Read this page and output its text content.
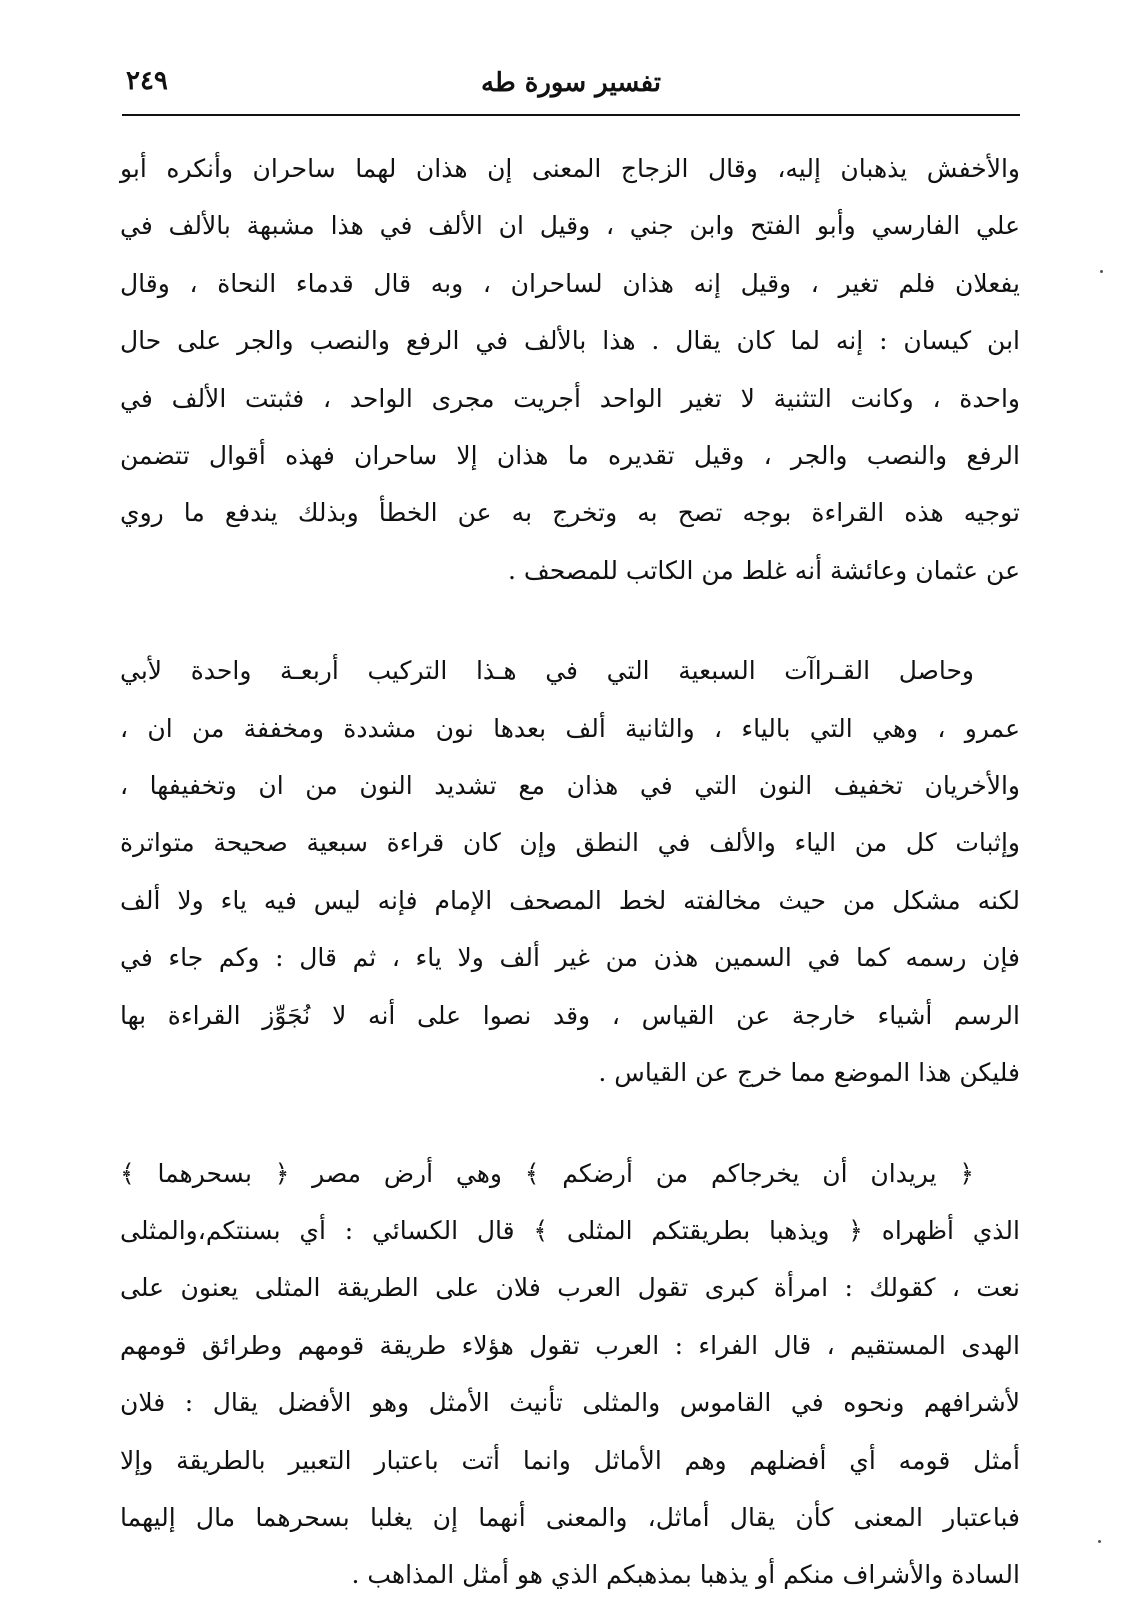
تفسير سورة طه
٢٤٩
والأخفش يذهبان إليه، وقال الزجاج المعنى إن هذان لهما ساحران وأنكره أبو
علي الفارسي وأبو الفتح وابن جني ، وقيل ان الألف في هذا مشبهة بالألف في
يفعلان فلم تغير ، وقيل إنه هذان لساحران ، وبه قال قدماء النحاة ، وقال
ابن كيسان : إنه لما كان يقال . هذا بالألف في الرفع والنصب والجر على حال
واحدة ، وكانت التثنية لا تغير الواحد أجريت مجرى الواحد ، فثبتت الألف في
الرفع والنصب والجر ، وقيل تقديره ما هذان إلا ساحران فهذه أقوال تتضمن
توجيه هذه القراءة بوجه تصح به وتخرج به عن الخطأ وبذلك يندفع ما روي
عن عثمان وعائشة أنه غلط من الكاتب للمصحف .
وحاصل القـراآت السبعية التي في هـذا التركيب أربعـة واحدة لأبي
عمرو ، وهي التي بالياء ، والثانية ألف بعدها نون مشددة ومخففة من ان ،
والأخريان تخفيف النون التي في هذان مع تشديد النون من ان وتخفيفها ،
وإثبات كل من الياء والألف في النطق وإن كان قراءة سبعية صحيحة متواترة
لكنه مشكل من حيث مخالفته لخط المصحف الإمام فإنه ليس فيه ياء ولا ألف
فإن رسمه كما في السمين هذن من غير ألف ولا ياء ، ثم قال : وكم جاء في
الرسم أشياء خارجة عن القياس ، وقد نصوا على أنه لا نُجَوِّز القراءة بها
فليكن هذا الموضع مما خرج عن القياس .
﴿ يريدان أن يخرجاكم من أرضكم ﴾ وهي أرض مصر ﴿ بسحرهما ﴾
الذي أظهراه ﴿ ويذهبا بطريقتكم المثلى ﴾ قال الكسائي : أي بسنتكم،والمثلى
نعت ، كقولك : امرأة كبرى تقول العرب فلان على الطريقة المثلى يعنون على
الهدى المستقيم ، قال الفراء : العرب تقول هؤلاء طريقة قومهم وطرائق قومهم
لأشرافهم ونحوه في القاموس والمثلى تأنيث الأمثل وهو الأفضل يقال : فلان
أمثل قومه أي أفضلهم وهم الأماثل وانما أتت باعتبار التعبير بالطريقة وإلا
فباعتبار المعنى كأن يقال أماثل، والمعنى أنهما إن يغلبا بسحرهما مال إليهما
السادة والأشراف منكم أو يذهبا بمذهبكم الذي هو أمثل المذاهب .
